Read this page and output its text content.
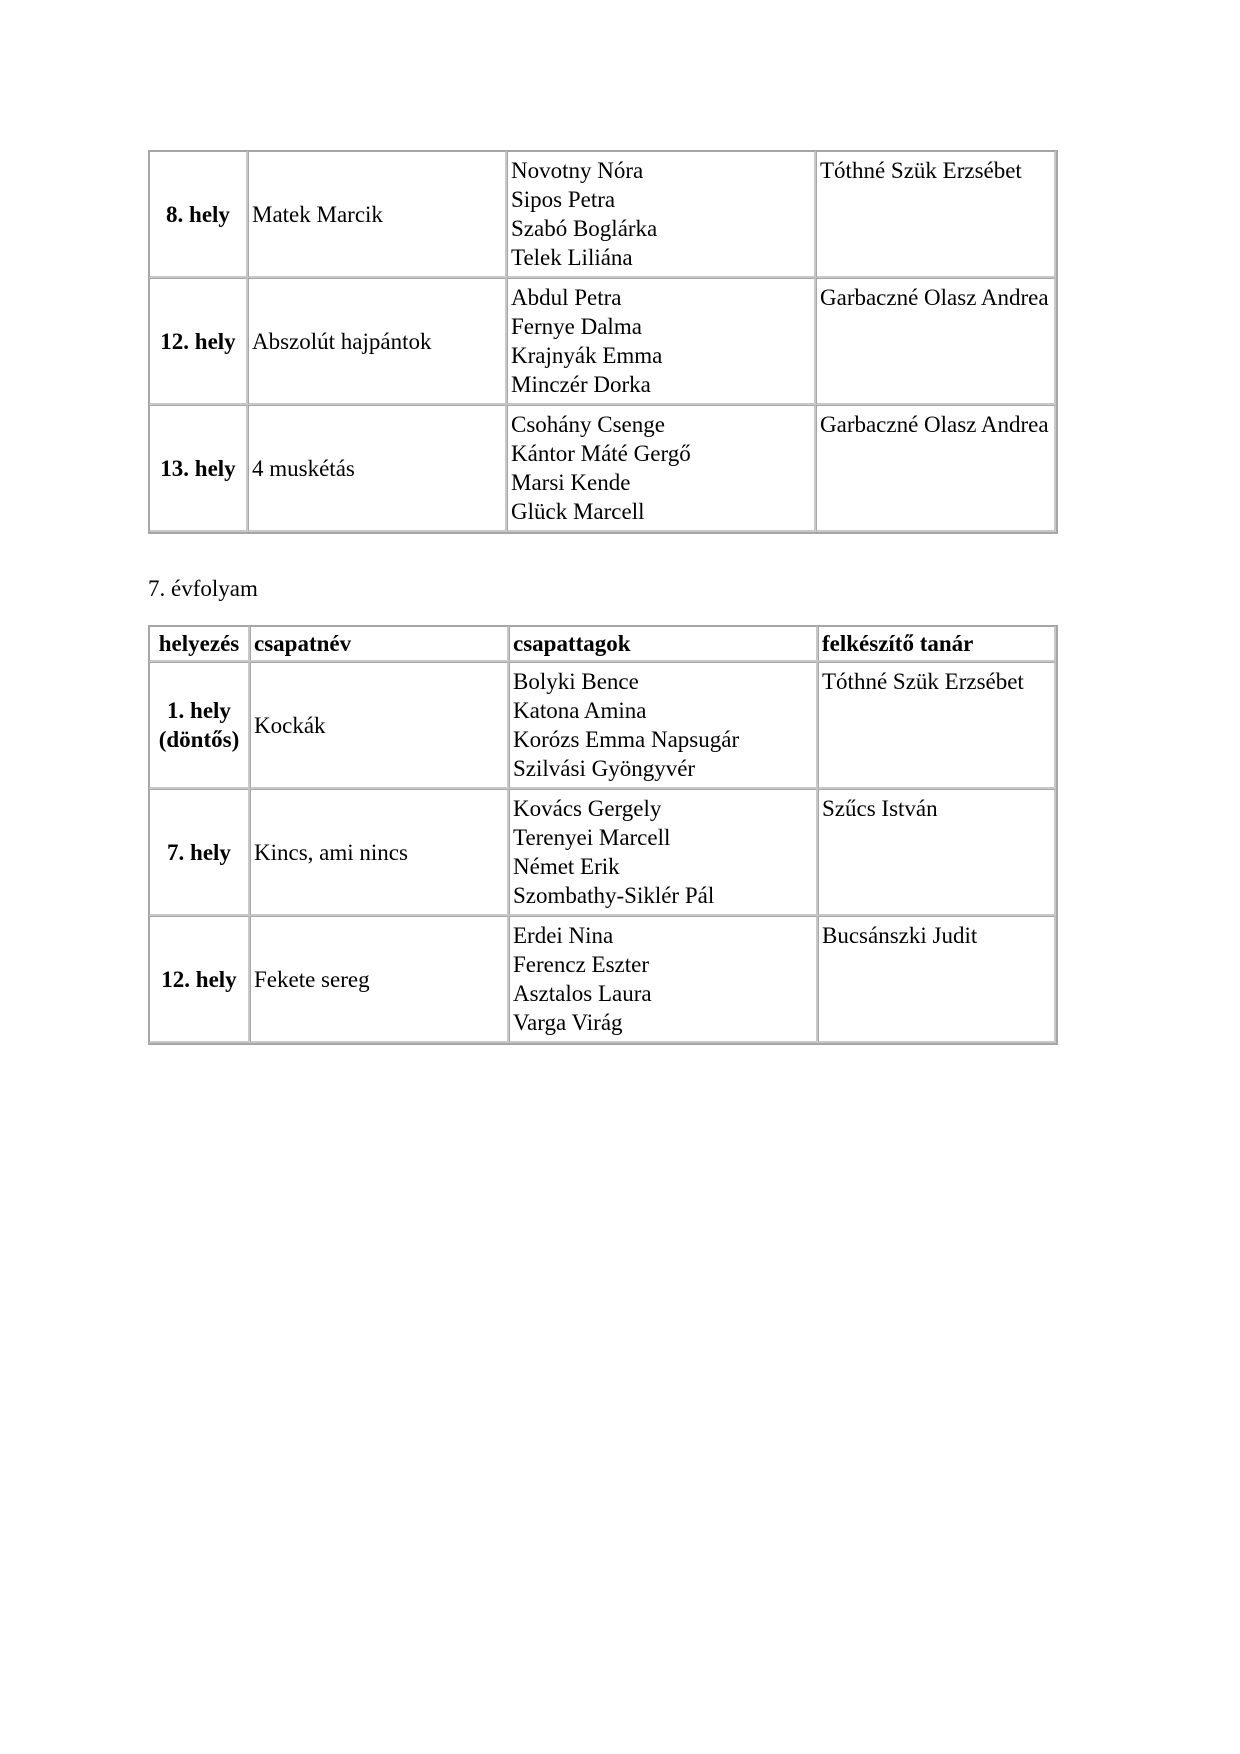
8. hely	Matek Marcik	Novotny Nóra
Sipos Petra
Szabó Boglárka
Telek Liliána	Tóthné Szük Erzsébet
12. hely	Abszolút hajpántok	Abdul Petra
Fernye Dalma
Krajnyák Emma
Minczér Dorka	Garbaczné Olasz Andrea
13. hely	4 muskétás	Csohány Csenge
Kántor Máté Gergő
Marsi Kende
Glück Marcell	Garbaczné Olasz Andrea
7. évfolyam
helyezés	csapatnév	csapattagok	felkészítő tanár

1. hely
(döntős)	Kockák	Bolyki Bence
Katona Amina
Korózs Emma Napsugár
Szilvási Gyöngyvér	Tóthné Szük Erzsébet
7. hely	Kincs, ami nincs	Kovács Gergely
Terenyei Marcell
Német Erik
Szombathy-Siklér Pál	Szűcs István
12. hely	Fekete sereg	Erdei Nina
Ferencz Eszter
Asztalos Laura
Varga Virág	Bucsánszki Judit
